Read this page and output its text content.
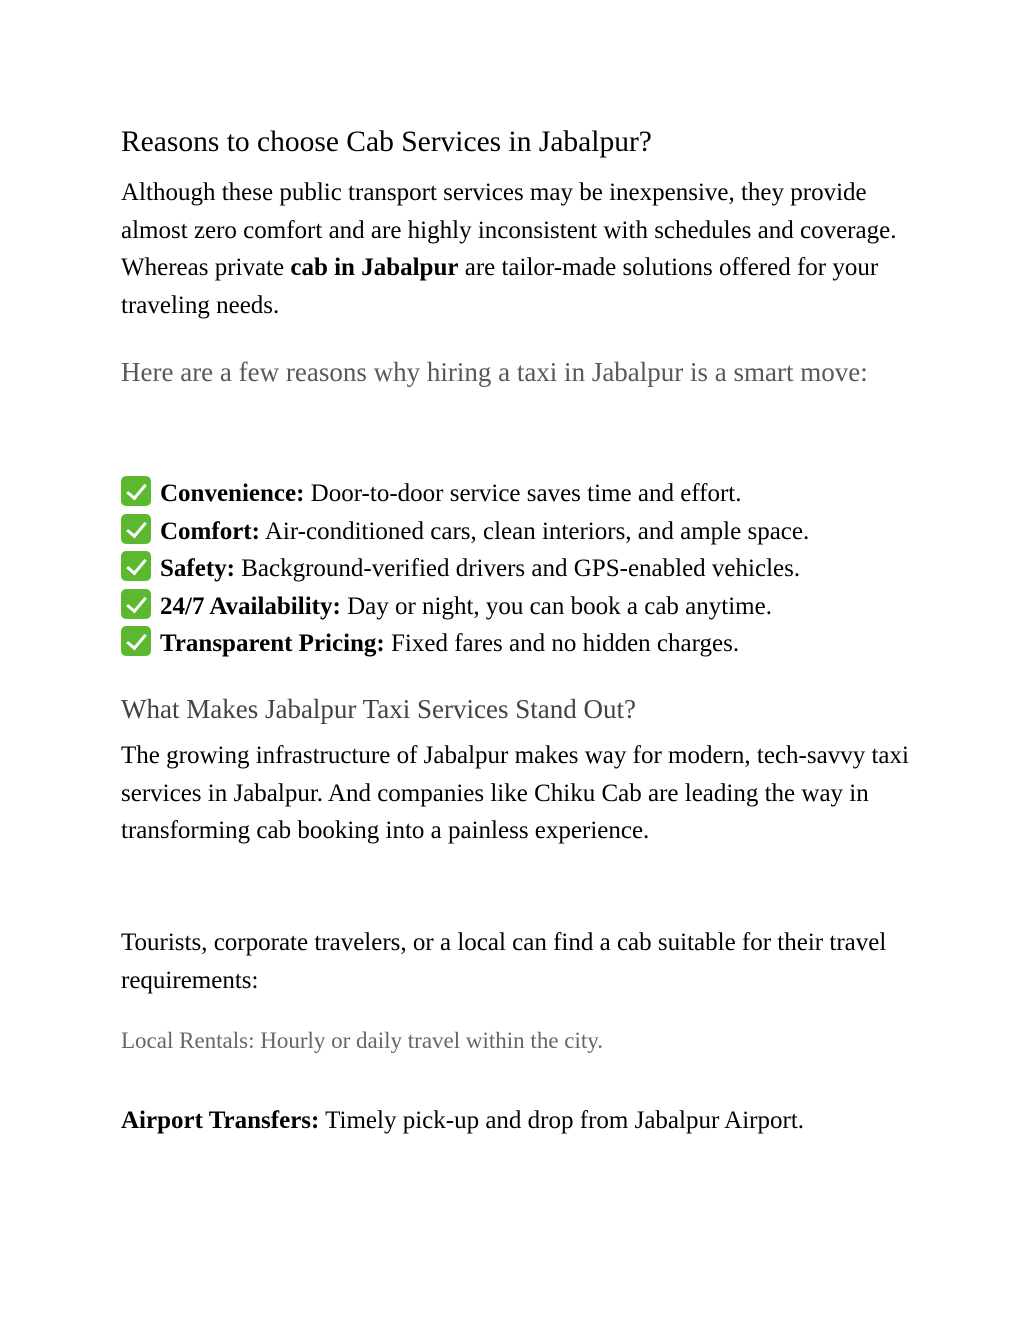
Reasons to choose Cab Services in Jabalpur?
Although these public transport services may be inexpensive, they provide almost zero comfort and are highly inconsistent with schedules and coverage. Whereas private cab in Jabalpur are tailor-made solutions offered for your traveling needs.
Here are a few reasons why hiring a taxi in Jabalpur is a smart move:
Convenience: Door-to-door service saves time and effort.
Comfort: Air-conditioned cars, clean interiors, and ample space.
Safety: Background-verified drivers and GPS-enabled vehicles.
24/7 Availability: Day or night, you can book a cab anytime.
Transparent Pricing: Fixed fares and no hidden charges.
What Makes Jabalpur Taxi Services Stand Out?
The growing infrastructure of Jabalpur makes way for modern, tech-savvy taxi services in Jabalpur. And companies like Chiku Cab are leading the way in transforming cab booking into a painless experience.
Tourists, corporate travelers, or a local can find a cab suitable for their travel requirements:
Local Rentals: Hourly or daily travel within the city.
Airport Transfers: Timely pick-up and drop from Jabalpur Airport.
